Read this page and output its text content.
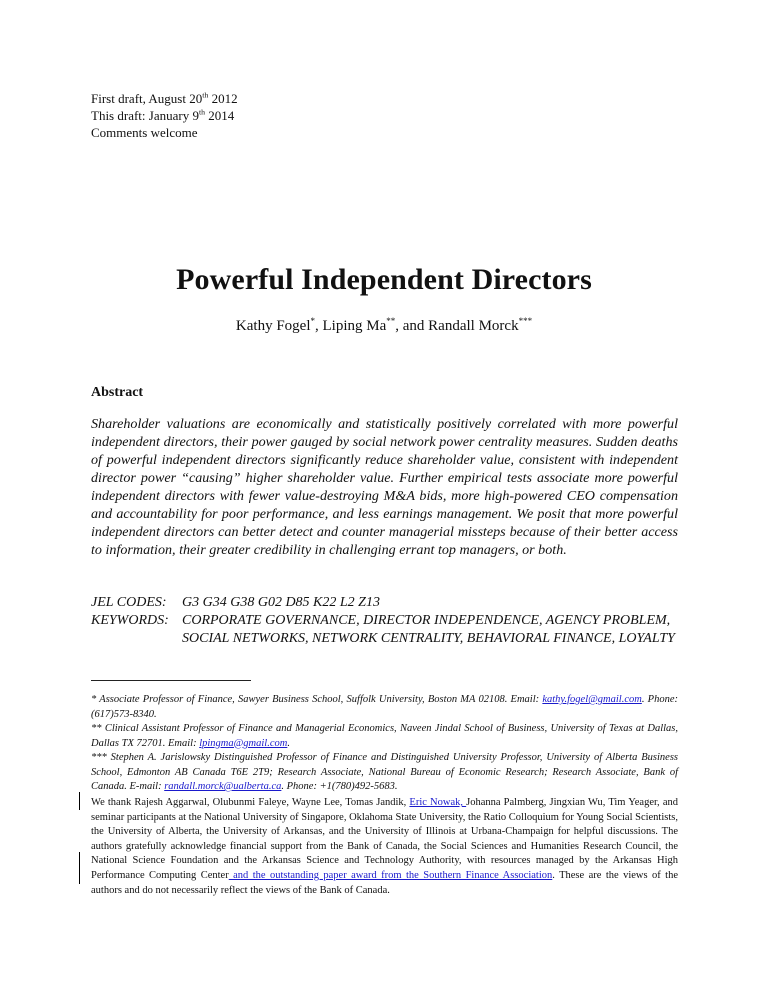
First draft, August 20th 2012
This draft: January 9th 2014
Comments welcome
Powerful Independent Directors
Kathy Fogel*, Liping Ma**, and Randall Morck***
Abstract
Shareholder valuations are economically and statistically positively correlated with more powerful independent directors, their power gauged by social network power centrality measures. Sudden deaths of powerful independent directors significantly reduce shareholder value, consistent with independent director power “causing” higher shareholder value. Further empirical tests associate more powerful independent directors with fewer value-destroying M&A bids, more high-powered CEO compensation and accountability for poor performance, and less earnings management. We posit that more powerful independent directors can better detect and counter managerial missteps because of their better access to information, their greater credibility in challenging errant top managers, or both.
JEL CODES:	G3 G34 G38 G02 D85 K22 L2 Z13
KEYWORDS: CORPORATE GOVERNANCE, DIRECTOR INDEPENDENCE, AGENCY PROBLEM, SOCIAL NETWORKS, NETWORK CENTRALITY, BEHAVIORAL FINANCE, LOYALTY

* Associate Professor of Finance, Sawyer Business School, Suffolk University, Boston MA 02108. Email: kathy.fogel@gmail.com. Phone: (617)573-8340.

** Clinical Assistant Professor of Finance and Managerial Economics, Naveen Jindal School of Business, University of Texas at Dallas, Dallas TX 72701. Email: lpingma@gmail.com.

*** Stephen A. Jarislowsky Distinguished Professor of Finance and Distinguished University Professor, University of Alberta Business School, Edmonton AB Canada T6E 2T9; Research Associate, National Bureau of Economic Research; Research Associate, Bank of Canada. E-mail: randall.morck@ualberta.ca. Phone: +1(780)492-5683.

We thank Rajesh Aggarwal, Olubunmi Faleye, Wayne Lee, Tomas Jandik, Eric Nowak, Johanna Palmberg, Jingxian Wu, Tim Yeager, and seminar participants at the National University of Singapore, Oklahoma State University, the Ratio Colloquium for Young Social Scientists, the University of Alberta, the University of Arkansas, and the University of Illinois at Urbana-Champaign for helpful discussions. The authors gratefully acknowledge financial support from the Bank of Canada, the Social Sciences and Humanities Research Council, the National Science Foundation and the Arkansas Science and Technology Authority, with resources managed by the Arkansas High Performance Computing Center and the outstanding paper award from the Southern Finance Association. These are the views of the authors and do not necessarily reflect the views of the Bank of Canada.
